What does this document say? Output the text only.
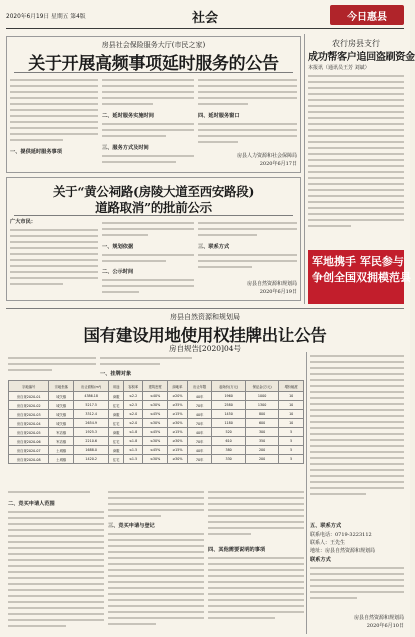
2020年6月19日 星期五 第4版	社会	今日惠县
房县社会保险服务大厅(市民之家)
关于开展高频事项延时服务的公告
一、提供延时服务事项
二、延时服务实施时间
三、服务方式及时间
四、延时服务窗口
房县人力资源和社会保障局
2020年6月17日
农行房县支行
成功帮客户追回盗刷资金
本报讯（通讯员王芳 刘斌）
关于“黄公祠路(房陵大道至西安路段)
道路取消”的批前公示
广大市民：
一、规划依据
二、公示时间
三、联系方式
房县自然资源和规划局
2020年6月19日
军地携手 军民参与
争创全国双拥模范县
房县自然资源和规划局
国有建设用地使用权挂牌出让公告
房自规告[2020]04号
一、挂牌对象
宗地编号	宗地坐落	出让面积(m²)	用途	容积率	建筑密度	绿地率	出让年限	起始价(万元)	保证金(万元)	增价幅度
房自规2020-01	城关镇	4386.18	商服	≤2.2	≤40%	≥20%	40年	1960	1000	10
房自规2020-02	城关镇	5217.5	住宅	≤2.5	≤30%	≥35%	70年	2580	1300	10
房自规2020-03	城关镇	3312.4	商服	≤2.0	≤45%	≥15%	40年	1450	800	10
房自规2020-04	城关镇	2654.9	住宅	≤2.0	≤30%	≥30%	70年	1180	600	10
房自规2020-05	军店镇	1925.3	商服	≤1.8	≤45%	≥15%	40年	520	300	5
房自规2020-06	军店镇	2210.6	住宅	≤1.8	≤30%	≥30%	70年	610	350	5
房自规2020-07	土城镇	1688.0	商服	≤1.5	≤45%	≥15%	40年	380	200	5
房自规2020-08	土城镇	1420.2	住宅	≤1.5	≤30%	≥30%	70年	330	200	5
二、竞买申请人范围
三、竞买申请与登记
四、其他需要说明的事项
五、联系方式
联系电话：0719-3223112
联系人：王先生
地址：房县自然资源和规划局
联系方式
房县自然资源和规划局
2020年6月10日
